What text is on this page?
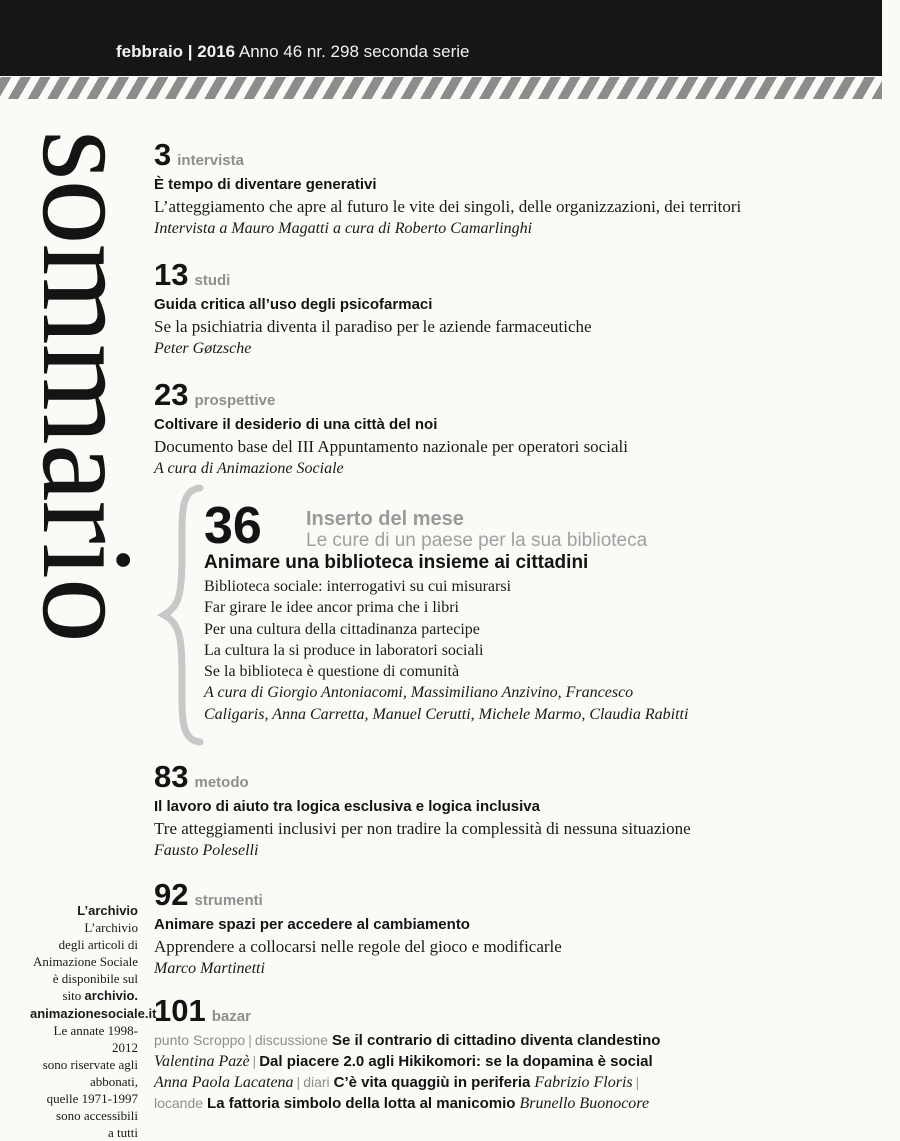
febbraio | 2016 Anno 46 nr. 298 seconda serie
sommario
3 intervista
È tempo di diventare generativi
L’atteggiamento che apre al futuro le vite dei singoli, delle organizzazioni, dei territori
Intervista a Mauro Magatti a cura di Roberto Camarlinghi
13 studi
Guida critica all’uso degli psicofarmaci
Se la psichiatria diventa il paradiso per le aziende farmaceutiche
Peter Gøtzsche
23 prospettive
Coltivare il desiderio di una città del noi
Documento base del III Appuntamento nazionale per operatori sociali
A cura di Animazione Sociale
36 Inserto del mese
Le cure di un paese per la sua biblioteca
Animare una biblioteca insieme ai cittadini
Biblioteca sociale: interrogativi su cui misurarsi
Far girare le idee ancor prima che i libri
Per una cultura della cittadinanza partecipe
La cultura la si produce in laboratori sociali
Se la biblioteca è questione di comunità
A cura di Giorgio Antoniacomi, Massimiliano Anzivino, Francesco
Caligaris, Anna Carretta, Manuel Cerutti, Michele Marmo, Claudia Rabitti
83 metodo
Il lavoro di aiuto tra logica esclusiva e logica inclusiva
Tre atteggiamenti inclusivi per non tradire la complessità di nessuna situazione
Fausto Poleselli
92 strumenti
Animare spazi per accedere al cambiamento
Apprendere a collocarsi nelle regole del gioco e modificarle
Marco Martinetti
101 bazar
punto Scroppo | discussione Se il contrario di cittadino diventa clandestino
Valentina Pazè | Dal piacere 2.0 agli Hikikomori: se la dopamina è social
Anna Paola Lacatena | diari C’è vita quaggiù in periferia Fabrizio Floris |
locande La fattoria simbolo della lotta al manicomio Brunello Buonocore
L’archivio
L’archivio
degli articoli di
Animazione Sociale
è disponibile sul
sito archivio.
animazionesociale.it
Le annate 1998-2012
sono riservate agli
abbonati,
quelle 1971-1997
sono accessibili
a tutti
